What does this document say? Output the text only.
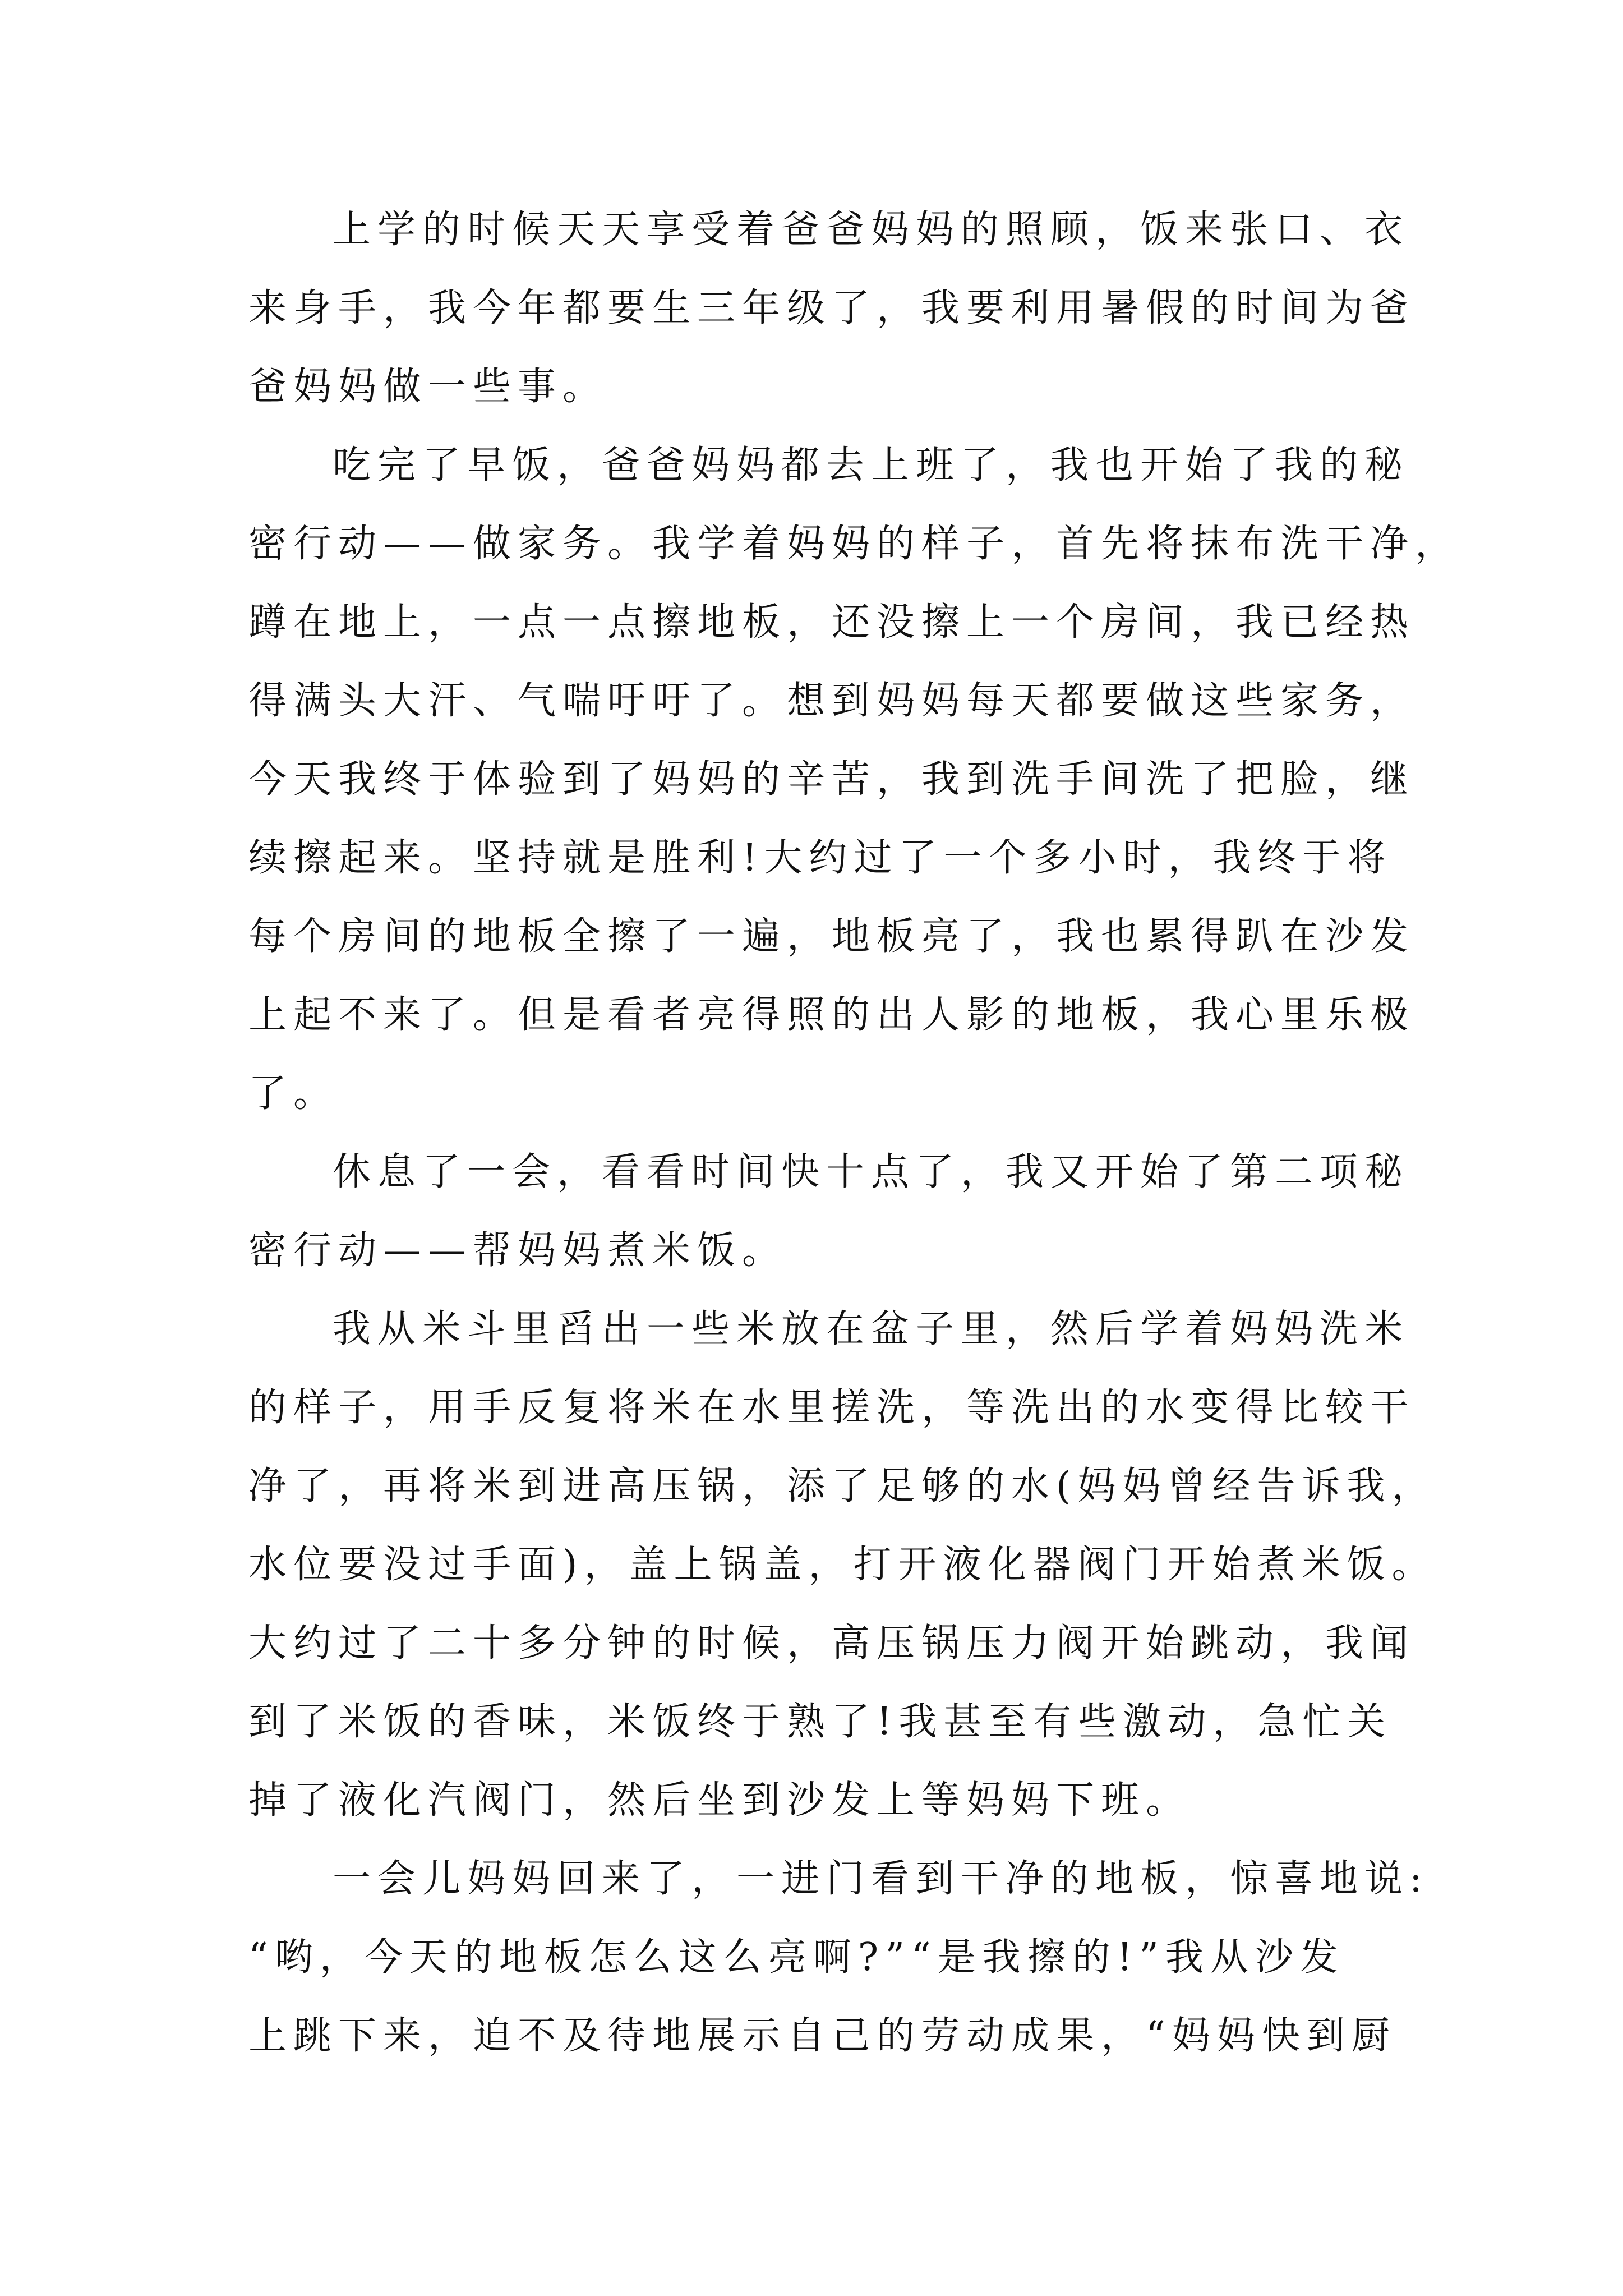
上学的时候天天享受着爸爸妈妈的照顾，饭来张口、衣
来身手，我今年都要生三年级了，我要利用暑假的时间为爸
爸妈妈做一些事。
吃完了早饭，爸爸妈妈都去上班了，我也开始了我的秘
密行动——做家务。我学着妈妈的样子，首先将抹布洗干净，
蹲在地上，一点一点擦地板，还没擦上一个房间，我已经热
得满头大汗、气喘吁吁了。想到妈妈每天都要做这些家务，
今天我终于体验到了妈妈的辛苦，我到洗手间洗了把脸，继
续擦起来。坚持就是胜利!大约过了一个多小时，我终于将
每个房间的地板全擦了一遍，地板亮了，我也累得趴在沙发
上起不来了。但是看者亮得照的出人影的地板，我心里乐极
了。
休息了一会，看看时间快十点了，我又开始了第二项秘
密行动——帮妈妈煮米饭。
我从米斗里舀出一些米放在盆子里，然后学着妈妈洗米
的样子，用手反复将米在水里搓洗，等洗出的水变得比较干
净了，再将米到进高压锅，添了足够的水(妈妈曾经告诉我，
水位要没过手面)，盖上锅盖，打开液化器阀门开始煮米饭。
大约过了二十多分钟的时候，高压锅压力阀开始跳动，我闻
到了米饭的香味，米饭终于熟了!我甚至有些激动，急忙关
掉了液化汽阀门，然后坐到沙发上等妈妈下班。
一会儿妈妈回来了，一进门看到干净的地板，惊喜地说:
“哟，今天的地板怎么这么亮啊?”“是我擦的!”我从沙发
上跳下来，迫不及待地展示自己的劳动成果，“妈妈快到厨
